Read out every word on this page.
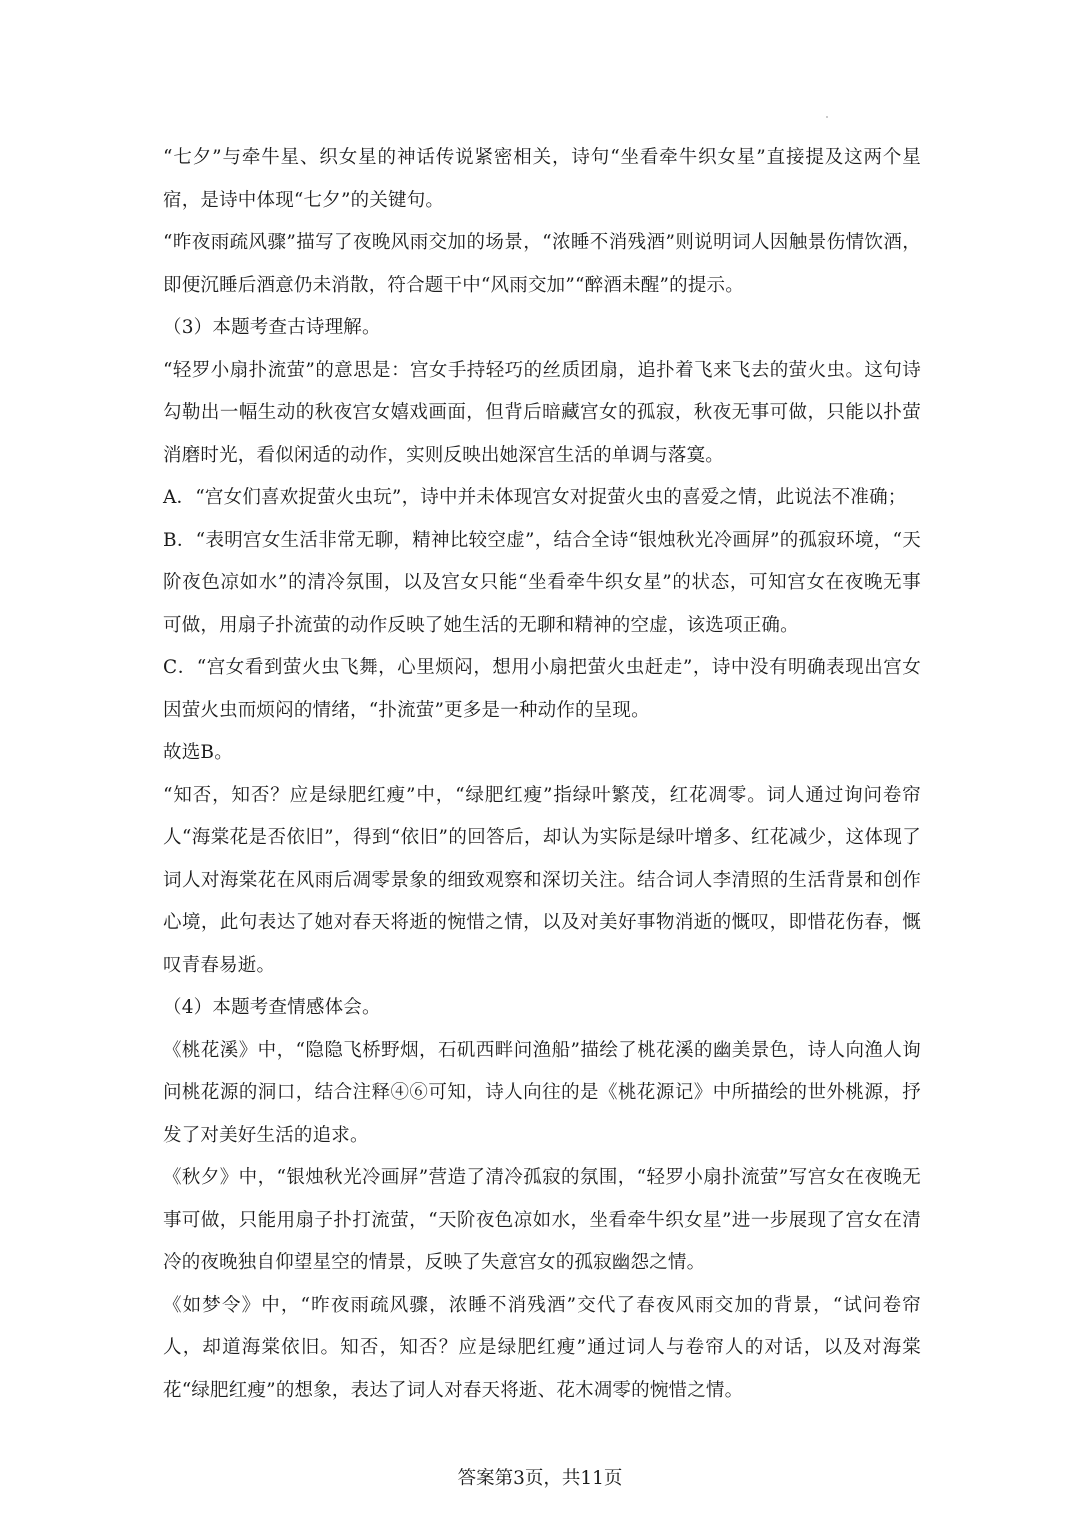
“七夕”与牵牛星、织女星的神话传说紧密相关，诗句“坐看牵牛织女星”直接提及这两个星宿，是诗中体现“七夕”的关键句。

“昨夜雨疏风骤”描写了夜晚风雨交加的场景，“浓睡不消残酒”则说明词人因触景伤情饮酒，即便沉睡后酒意仍未消散，符合题干中“风雨交加”“醉酒未醒”的提示。

（3）本题考查古诗理解。

“轻罗小扇扑流萤”的意思是：宫女手持轻巧的丝质团扇，追扑着飞来飞去的萤火虫。这句诗勾勒出一幅生动的秋夜宫女嬉戏画面，但背后暗藏宫女的孤寂，秋夜无事可做，只能以扑萤消磨时光，看似闲适的动作，实则反映出她深宫生活的单调与落寞。

A．“宫女们喜欢捉萤火虫玩”，诗中并未体现宫女对捉萤火虫的喜爱之情，此说法不准确；

B．“表明宫女生活非常无聊，精神比较空虚”，结合全诗“银烛秋光冷画屏”的孤寂环境，“天阶夜色凉如水”的清冷氛围，以及宫女只能“坐看牵牛织女星”的状态，可知宫女在夜晚无事可做，用扇子扑流萤的动作反映了她生活的无聊和精神的空虚，该选项正确。

C．“宫女看到萤火虫飞舞，心里烦闷，想用小扇把萤火虫赶走”，诗中没有明确表现出宫女因萤火虫而烦闷的情绪，“扑流萤”更多是一种动作的呈现。

故选B。

“知否，知否？应是绿肥红瘦”中，“绿肥红瘦”指绿叶繁茂，红花凋零。词人通过询问卷帘人“海棠花是否依旧”，得到“依旧”的回答后，却认为实际是绿叶增多、红花减少，这体现了词人对海棠花在风雨后凋零景象的细致观察和深切关注。结合词人李清照的生活背景和创作心境，此句表达了她对春天将逝的惋惜之情，以及对美好事物消逝的慨叹，即惜花伤春，慨叹青春易逝。

（4）本题考查情感体会。

《桃花溪》中，“隐隐飞桥野烟，石矶西畔问渔船”描绘了桃花溪的幽美景色，诗人向渔人询问桃花源的洞口，结合注释④⑥可知，诗人向往的是《桃花源记》中所描绘的世外桃源，抒发了对美好生活的追求。

《秋夕》中，“银烛秋光冷画屏”营造了清冷孤寂的氛围，“轻罗小扇扑流萤”写宫女在夜晚无事可做，只能用扇子扑打流萤，“天阶夜色凉如水，坐看牵牛织女星”进一步展现了宫女在清冷的夜晚独自仰望星空的情景，反映了失意宫女的孤寂幽怨之情。

《如梦令》中，“昨夜雨疏风骤，浓睡不消残酒”交代了春夜风雨交加的背景，“试问卷帘人，却道海棠依旧。知否，知否？应是绿肥红瘦”通过词人与卷帘人的对话，以及对海棠花“绿肥红瘦”的想象，表达了词人对春天将逝、花木凋零的惋惜之情。

答案第3页，共11页
